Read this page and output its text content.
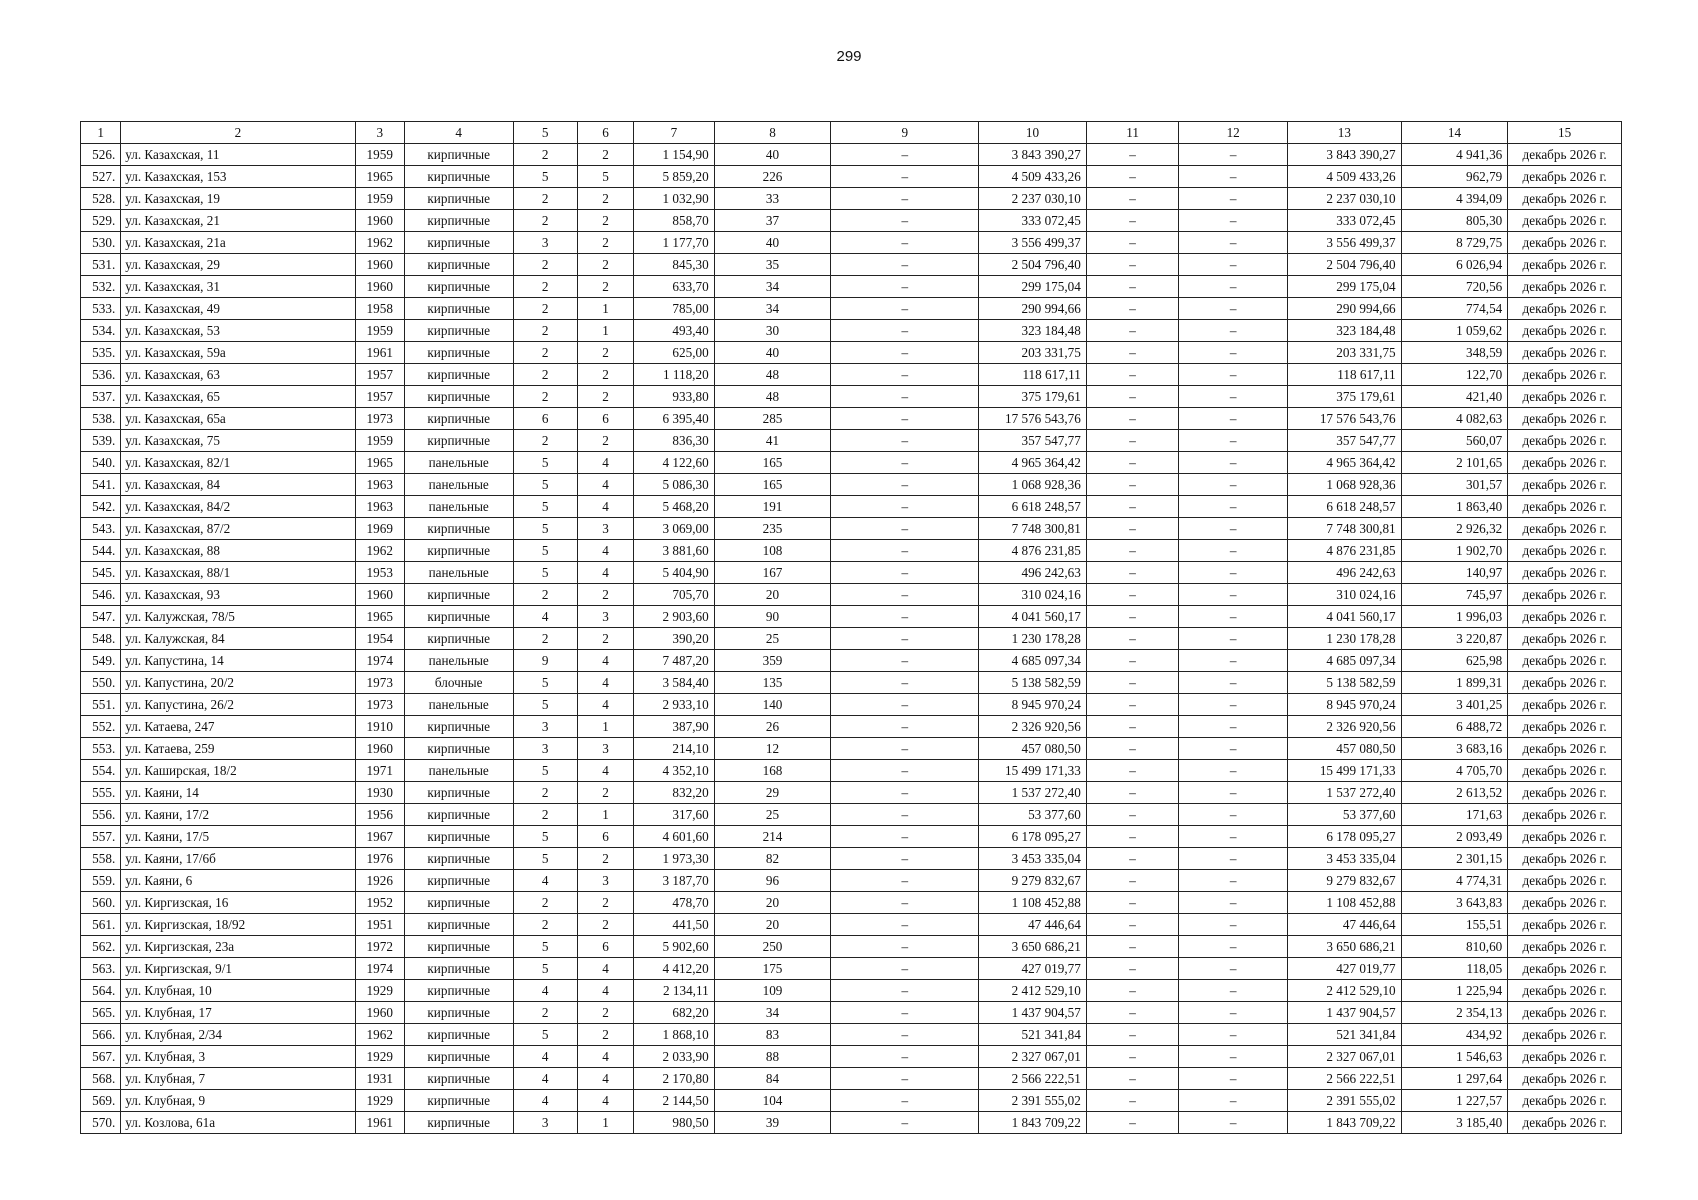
299
1	2	3	4	5	6	7	8	9	10	11	12	13	14	15
526.	ул. Казахская, 11	1959	кирпичные	2	2	1 154,90	40	–	3 843 390,27	–	–	3 843 390,27	4 941,36	декабрь 2026 г.
527.	ул. Казахская, 153	1965	кирпичные	5	5	5 859,20	226	–	4 509 433,26	–	–	4 509 433,26	962,79	декабрь 2026 г.
528.	ул. Казахская, 19	1959	кирпичные	2	2	1 032,90	33	–	2 237 030,10	–	–	2 237 030,10	4 394,09	декабрь 2026 г.
529.	ул. Казахская, 21	1960	кирпичные	2	2	858,70	37	–	333 072,45	–	–	333 072,45	805,30	декабрь 2026 г.
530.	ул. Казахская, 21а	1962	кирпичные	3	2	1 177,70	40	–	3 556 499,37	–	–	3 556 499,37	8 729,75	декабрь 2026 г.
531.	ул. Казахская, 29	1960	кирпичные	2	2	845,30	35	–	2 504 796,40	–	–	2 504 796,40	6 026,94	декабрь 2026 г.
532.	ул. Казахская, 31	1960	кирпичные	2	2	633,70	34	–	299 175,04	–	–	299 175,04	720,56	декабрь 2026 г.
533.	ул. Казахская, 49	1958	кирпичные	2	1	785,00	34	–	290 994,66	–	–	290 994,66	774,54	декабрь 2026 г.
534.	ул. Казахская, 53	1959	кирпичные	2	1	493,40	30	–	323 184,48	–	–	323 184,48	1 059,62	декабрь 2026 г.
535.	ул. Казахская, 59а	1961	кирпичные	2	2	625,00	40	–	203 331,75	–	–	203 331,75	348,59	декабрь 2026 г.
536.	ул. Казахская, 63	1957	кирпичные	2	2	1 118,20	48	–	118 617,11	–	–	118 617,11	122,70	декабрь 2026 г.
537.	ул. Казахская, 65	1957	кирпичные	2	2	933,80	48	–	375 179,61	–	–	375 179,61	421,40	декабрь 2026 г.
538.	ул. Казахская, 65а	1973	кирпичные	6	6	6 395,40	285	–	17 576 543,76	–	–	17 576 543,76	4 082,63	декабрь 2026 г.
539.	ул. Казахская, 75	1959	кирпичные	2	2	836,30	41	–	357 547,77	–	–	357 547,77	560,07	декабрь 2026 г.
540.	ул. Казахская, 82/1	1965	панельные	5	4	4 122,60	165	–	4 965 364,42	–	–	4 965 364,42	2 101,65	декабрь 2026 г.
541.	ул. Казахская, 84	1963	панельные	5	4	5 086,30	165	–	1 068 928,36	–	–	1 068 928,36	301,57	декабрь 2026 г.
542.	ул. Казахская, 84/2	1963	панельные	5	4	5 468,20	191	–	6 618 248,57	–	–	6 618 248,57	1 863,40	декабрь 2026 г.
543.	ул. Казахская, 87/2	1969	кирпичные	5	3	3 069,00	235	–	7 748 300,81	–	–	7 748 300,81	2 926,32	декабрь 2026 г.
544.	ул. Казахская, 88	1962	кирпичные	5	4	3 881,60	108	–	4 876 231,85	–	–	4 876 231,85	1 902,70	декабрь 2026 г.
545.	ул. Казахская, 88/1	1953	панельные	5	4	5 404,90	167	–	496 242,63	–	–	496 242,63	140,97	декабрь 2026 г.
546.	ул. Казахская, 93	1960	кирпичные	2	2	705,70	20	–	310 024,16	–	–	310 024,16	745,97	декабрь 2026 г.
547.	ул. Калужская, 78/5	1965	кирпичные	4	3	2 903,60	90	–	4 041 560,17	–	–	4 041 560,17	1 996,03	декабрь 2026 г.
548.	ул. Калужская, 84	1954	кирпичные	2	2	390,20	25	–	1 230 178,28	–	–	1 230 178,28	3 220,87	декабрь 2026 г.
549.	ул. Капустина, 14	1974	панельные	9	4	7 487,20	359	–	4 685 097,34	–	–	4 685 097,34	625,98	декабрь 2026 г.
550.	ул. Капустина, 20/2	1973	блочные	5	4	3 584,40	135	–	5 138 582,59	–	–	5 138 582,59	1 899,31	декабрь 2026 г.
551.	ул. Капустина, 26/2	1973	панельные	5	4	2 933,10	140	–	8 945 970,24	–	–	8 945 970,24	3 401,25	декабрь 2026 г.
552.	ул. Катаева, 247	1910	кирпичные	3	1	387,90	26	–	2 326 920,56	–	–	2 326 920,56	6 488,72	декабрь 2026 г.
553.	ул. Катаева, 259	1960	кирпичные	3	3	214,10	12	–	457 080,50	–	–	457 080,50	3 683,16	декабрь 2026 г.
554.	ул. Каширская, 18/2	1971	панельные	5	4	4 352,10	168	–	15 499 171,33	–	–	15 499 171,33	4 705,70	декабрь 2026 г.
555.	ул. Каяни, 14	1930	кирпичные	2	2	832,20	29	–	1 537 272,40	–	–	1 537 272,40	2 613,52	декабрь 2026 г.
556.	ул. Каяни, 17/2	1956	кирпичные	2	1	317,60	25	–	53 377,60	–	–	53 377,60	171,63	декабрь 2026 г.
557.	ул. Каяни, 17/5	1967	кирпичные	5	6	4 601,60	214	–	6 178 095,27	–	–	6 178 095,27	2 093,49	декабрь 2026 г.
558.	ул. Каяни, 17/6б	1976	кирпичные	5	2	1 973,30	82	–	3 453 335,04	–	–	3 453 335,04	2 301,15	декабрь 2026 г.
559.	ул. Каяни, 6	1926	кирпичные	4	3	3 187,70	96	–	9 279 832,67	–	–	9 279 832,67	4 774,31	декабрь 2026 г.
560.	ул. Киргизская, 16	1952	кирпичные	2	2	478,70	20	–	1 108 452,88	–	–	1 108 452,88	3 643,83	декабрь 2026 г.
561.	ул. Киргизская, 18/92	1951	кирпичные	2	2	441,50	20	–	47 446,64	–	–	47 446,64	155,51	декабрь 2026 г.
562.	ул. Киргизская, 23а	1972	кирпичные	5	6	5 902,60	250	–	3 650 686,21	–	–	3 650 686,21	810,60	декабрь 2026 г.
563.	ул. Киргизская, 9/1	1974	кирпичные	5	4	4 412,20	175	–	427 019,77	–	–	427 019,77	118,05	декабрь 2026 г.
564.	ул. Клубная, 10	1929	кирпичные	4	4	2 134,11	109	–	2 412 529,10	–	–	2 412 529,10	1 225,94	декабрь 2026 г.
565.	ул. Клубная, 17	1960	кирпичные	2	2	682,20	34	–	1 437 904,57	–	–	1 437 904,57	2 354,13	декабрь 2026 г.
566.	ул. Клубная, 2/34	1962	кирпичные	5	2	1 868,10	83	–	521 341,84	–	–	521 341,84	434,92	декабрь 2026 г.
567.	ул. Клубная, 3	1929	кирпичные	4	4	2 033,90	88	–	2 327 067,01	–	–	2 327 067,01	1 546,63	декабрь 2026 г.
568.	ул. Клубная, 7	1931	кирпичные	4	4	2 170,80	84	–	2 566 222,51	–	–	2 566 222,51	1 297,64	декабрь 2026 г.
569.	ул. Клубная, 9	1929	кирпичные	4	4	2 144,50	104	–	2 391 555,02	–	–	2 391 555,02	1 227,57	декабрь 2026 г.
570.	ул. Козлова, 61а	1961	кирпичные	3	1	980,50	39	–	1 843 709,22	–	–	1 843 709,22	3 185,40	декабрь 2026 г.
